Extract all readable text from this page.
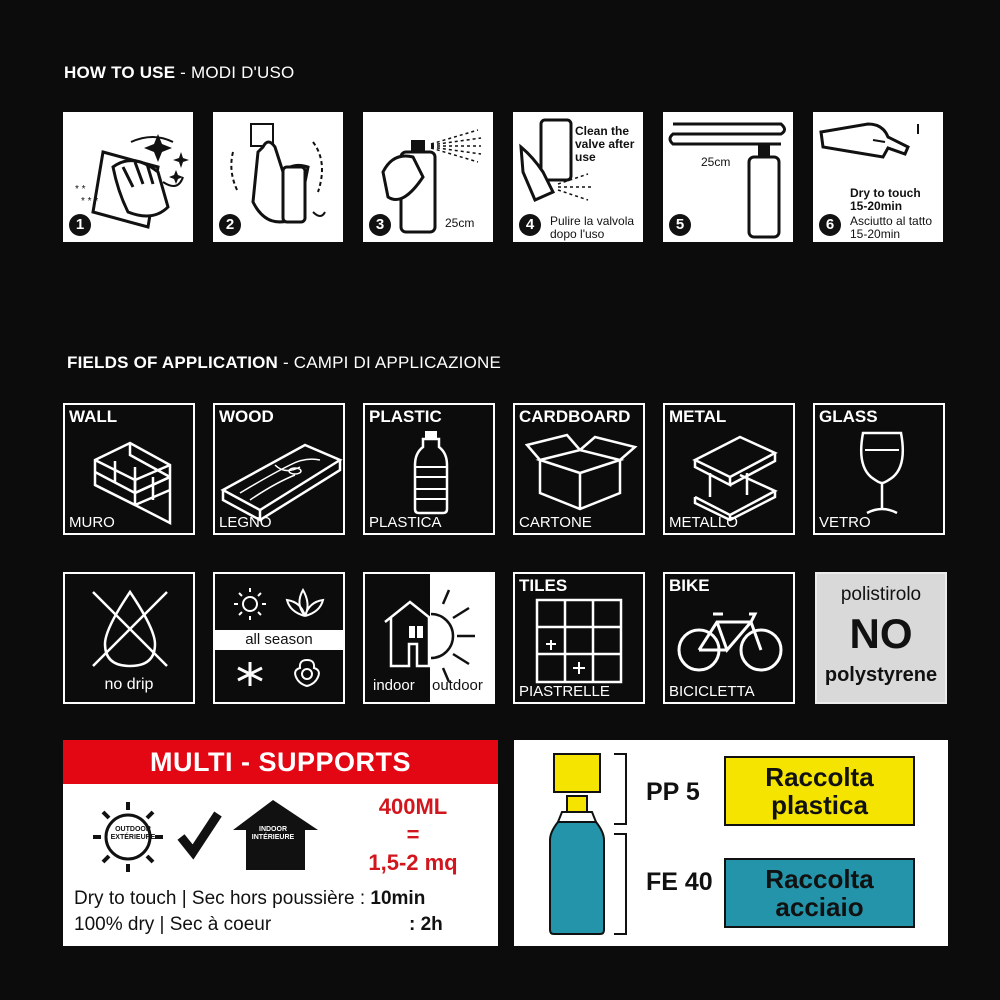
HOW TO USE - MODI D'USO
* *
* * *
1	2	25cm
3
Clean the valve after use
Pulire la valvola dopo l'uso
4
25cm
5
Dry to touch 15-20min
Asciutto al tatto 15-20min
6
FIELDS OF APPLICATION - CAMPI DI APPLICAZIONE
WALL
MURO
WOOD
LEGNO
PLASTIC
PLASTICA
CARDBOARD
CARTONE
METAL
METALLO
GLASS
VETRO
no drip
all season
indoor outdoor
TILES
PIASTRELLE
BIKE
BICICLETTA
polistirolo
NO
polystyrene
MULTI - SUPPORTS
OUTDOOR
EXTÉRIEURE
INDOOR
INTÉRIEURE
400ML
=
1,5-2 mq
Dry to touch | Sec hors poussière : 10min
100% dry | Sec à coeur	: 2h
PP 5
FE 40
Raccolta
plastica
Raccolta
acciaio
